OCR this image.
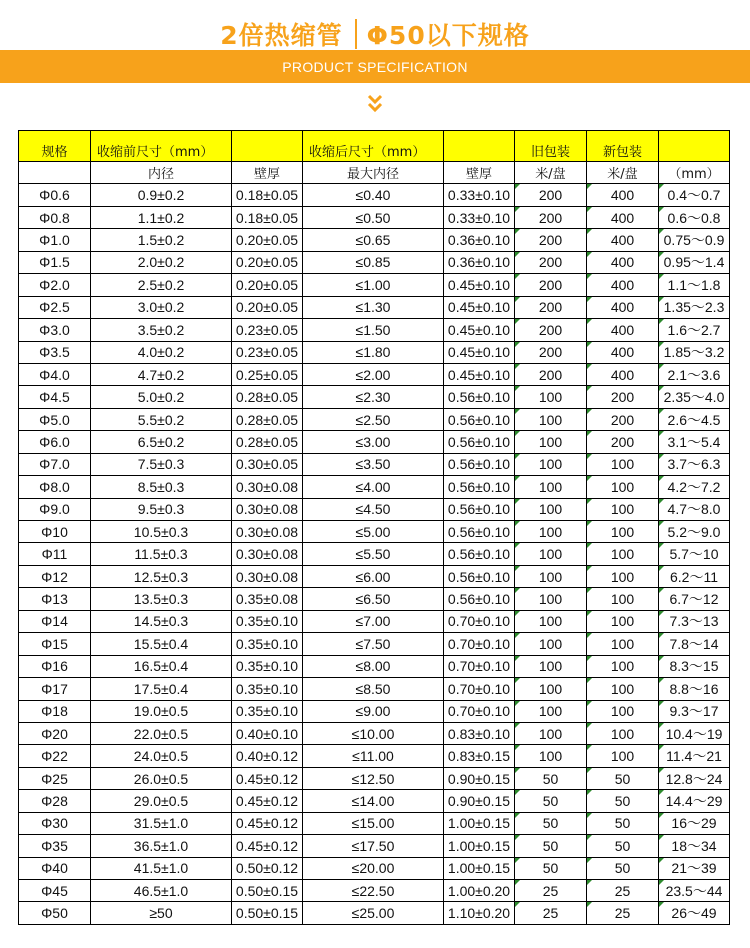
2倍热缩管 Φ50以下规格
PRODUCT SPECIFICATION
规格	收缩前尺寸（mm）		收缩后尺寸（mm）		旧包装	新包装	
	内径	壁厚	最大内径	壁厚	米/盘	米/盘	（mm）
Φ0.6	0.9±0.2	0.18±0.05	≤0.40	0.33±0.10	200	400	0.4～0.7
Φ0.8	1.1±0.2	0.18±0.05	≤0.50	0.33±0.10	200	400	0.6～0.8
Φ1.0	1.5±0.2	0.20±0.05	≤0.65	0.36±0.10	200	400	0.75～0.9
Φ1.5	2.0±0.2	0.20±0.05	≤0.85	0.36±0.10	200	400	0.95～1.4
Φ2.0	2.5±0.2	0.20±0.05	≤1.00	0.45±0.10	200	400	1.1～1.8
Φ2.5	3.0±0.2	0.20±0.05	≤1.30	0.45±0.10	200	400	1.35～2.3
Φ3.0	3.5±0.2	0.23±0.05	≤1.50	0.45±0.10	200	400	1.6～2.7
Φ3.5	4.0±0.2	0.23±0.05	≤1.80	0.45±0.10	200	400	1.85～3.2
Φ4.0	4.7±0.2	0.25±0.05	≤2.00	0.45±0.10	200	400	2.1～3.6
Φ4.5	5.0±0.2	0.28±0.05	≤2.30	0.56±0.10	100	200	2.35～4.0
Φ5.0	5.5±0.2	0.28±0.05	≤2.50	0.56±0.10	100	200	2.6～4.5
Φ6.0	6.5±0.2	0.28±0.05	≤3.00	0.56±0.10	100	200	3.1～5.4
Φ7.0	7.5±0.3	0.30±0.05	≤3.50	0.56±0.10	100	100	3.7～6.3
Φ8.0	8.5±0.3	0.30±0.08	≤4.00	0.56±0.10	100	100	4.2～7.2
Φ9.0	9.5±0.3	0.30±0.08	≤4.50	0.56±0.10	100	100	4.7～8.0
Φ10	10.5±0.3	0.30±0.08	≤5.00	0.56±0.10	100	100	5.2～9.0
Φ11	11.5±0.3	0.30±0.08	≤5.50	0.56±0.10	100	100	5.7～10
Φ12	12.5±0.3	0.30±0.08	≤6.00	0.56±0.10	100	100	6.2～11
Φ13	13.5±0.3	0.35±0.08	≤6.50	0.56±0.10	100	100	6.7～12
Φ14	14.5±0.3	0.35±0.10	≤7.00	0.70±0.10	100	100	7.3～13
Φ15	15.5±0.4	0.35±0.10	≤7.50	0.70±0.10	100	100	7.8～14
Φ16	16.5±0.4	0.35±0.10	≤8.00	0.70±0.10	100	100	8.3～15
Φ17	17.5±0.4	0.35±0.10	≤8.50	0.70±0.10	100	100	8.8～16
Φ18	19.0±0.5	0.35±0.10	≤9.00	0.70±0.10	100	100	9.3～17
Φ20	22.0±0.5	0.40±0.10	≤10.00	0.83±0.10	100	100	10.4～19
Φ22	24.0±0.5	0.40±0.12	≤11.00	0.83±0.15	100	100	11.4～21
Φ25	26.0±0.5	0.45±0.12	≤12.50	0.90±0.15	50	50	12.8～24
Φ28	29.0±0.5	0.45±0.12	≤14.00	0.90±0.15	50	50	14.4～29
Φ30	31.5±1.0	0.45±0.12	≤15.00	1.00±0.15	50	50	16～29
Φ35	36.5±1.0	0.45±0.12	≤17.50	1.00±0.15	50	50	18～34
Φ40	41.5±1.0	0.50±0.12	≤20.00	1.00±0.15	50	50	21～39
Φ45	46.5±1.0	0.50±0.15	≤22.50	1.00±0.20	25	25	23.5～44
Φ50	≥50	0.50±0.15	≤25.00	1.10±0.20	25	25	26～49
